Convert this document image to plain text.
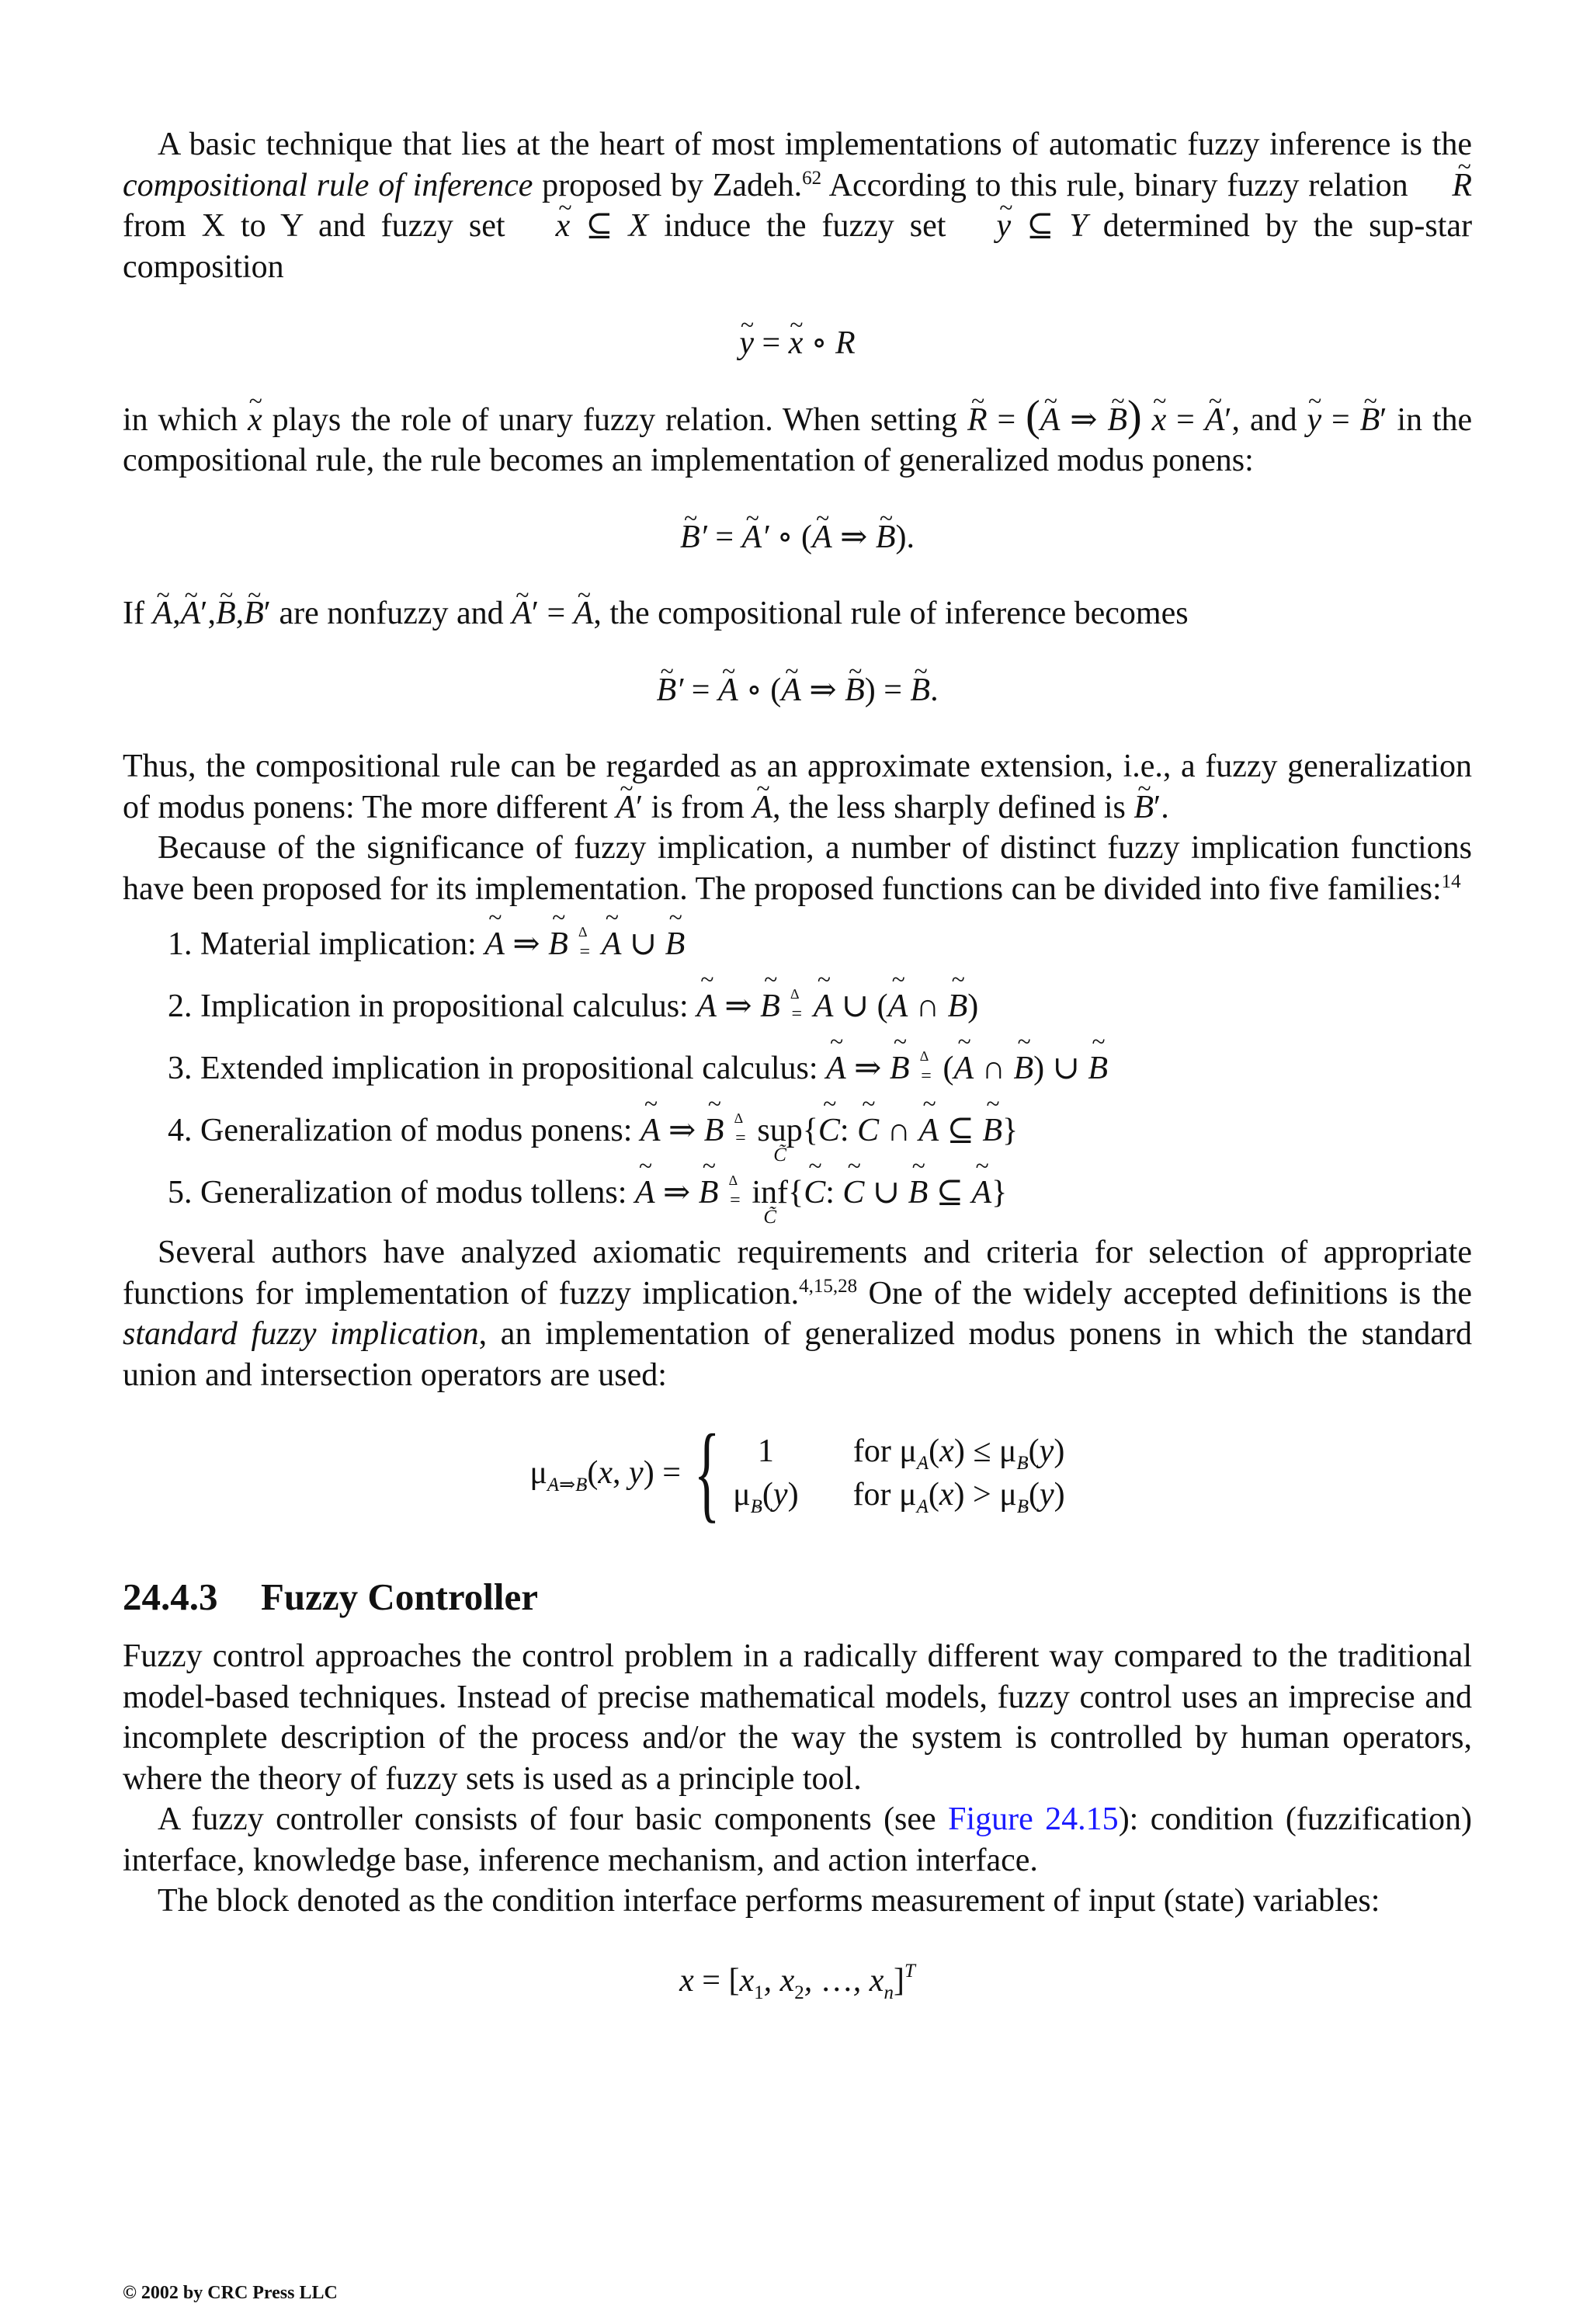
A basic technique that lies at the heart of most implementations of automatic fuzzy inference is the compositional rule of inference proposed by Zadeh.$^{62}$ According to this rule, binary fuzzy relation ~ R from X to Y and fuzzy set ~ x ⊆ X induce the fuzzy set ~ y ⊆ Y determined by the sup-star composition

~ y = ~ x ∘ R

in which ~ x plays the role of unary fuzzy relation. When setting ~ R = (~ A ⇒ ~ B) ~ x = ~ A′, and ~ y = ~ B′ in the compositional rule, the rule becomes an implementation of generalized modus ponens:

~ B′ = ~ A′ ∘ (~ A ⇒ ~ B).

If ~ A,~ A′,~ B,~ B′ are nonfuzzy and ~ A′ = ~ A, the compositional rule of inference becomes

~ B′ = ~ A ∘ (~ A ⇒ ~ B) = ~ B.

Thus, the compositional rule can be regarded as an approximate extension, i.e., a fuzzy generalization of modus ponens: The more different ~ A′ is from ~ A, the less sharply defined is ~ B′.

Because of the significance of fuzzy implication, a number of distinct fuzzy implication functions have been proposed for its implementation. The proposed functions can be divided into five families:$^{14}$

1. Material implication: ~ A ⇒ ~ B ∆
= ~ $\overline{A}$ ∪ ~ B
2. Implication in propositional calculus: ~ A ⇒ ~ B ∆
= ~ $\overline{A}$ ∪ (~ A ∩ ~ B)
3. Extended implication in propositional calculus: ~ A ⇒ ~ B ∆
= (~ $\overline{A}$ ∩ ~ $\overline{B}$) ∪ ~ B
4. Generalization of modus ponens: ~ A ⇒ ~ B ∆
= sup
C̃
{~ C: ~ C ∩ ~ A ⊆ ~ B}
5. Generalization of modus tollens: ~ A ⇒ ~ B ∆
= inf
C̃
{~ C: ~ C ∪ ~ B ⊆ ~ A}

Several authors have analyzed axiomatic requirements and criteria for selection of appropriate functions for implementation of fuzzy implication.$^{4,15,28}$ One of the widely accepted definitions is the standard fuzzy implication, an implementation of generalized modus ponens in which the standard union and intersection operators are used:

$\mu_{A\Rightarrow B}(x$, y) = { 1	for $\mu_A(x) \le \mu_B(y)$
$\mu_B(y)$	for $\mu_A(x) > \mu_B(y)$
24.4.3 Fuzzy Controller

Fuzzy control approaches the control problem in a radically different way compared to the traditional model-based techniques. Instead of precise mathematical models, fuzzy control uses an imprecise and incomplete description of the process and/or the way the system is controlled by human operators, where the theory of fuzzy sets is used as a principle tool.

A fuzzy controller consists of four basic components (see Figure 24.15): condition (fuzzification) interface, knowledge base, inference mechanism, and action interface.

The block denoted as the condition interface performs measurement of input (state) variables:

$x = [x_1$, $x_2$, …, $x_n]^T$
© 2002 by CRC Press LLC
